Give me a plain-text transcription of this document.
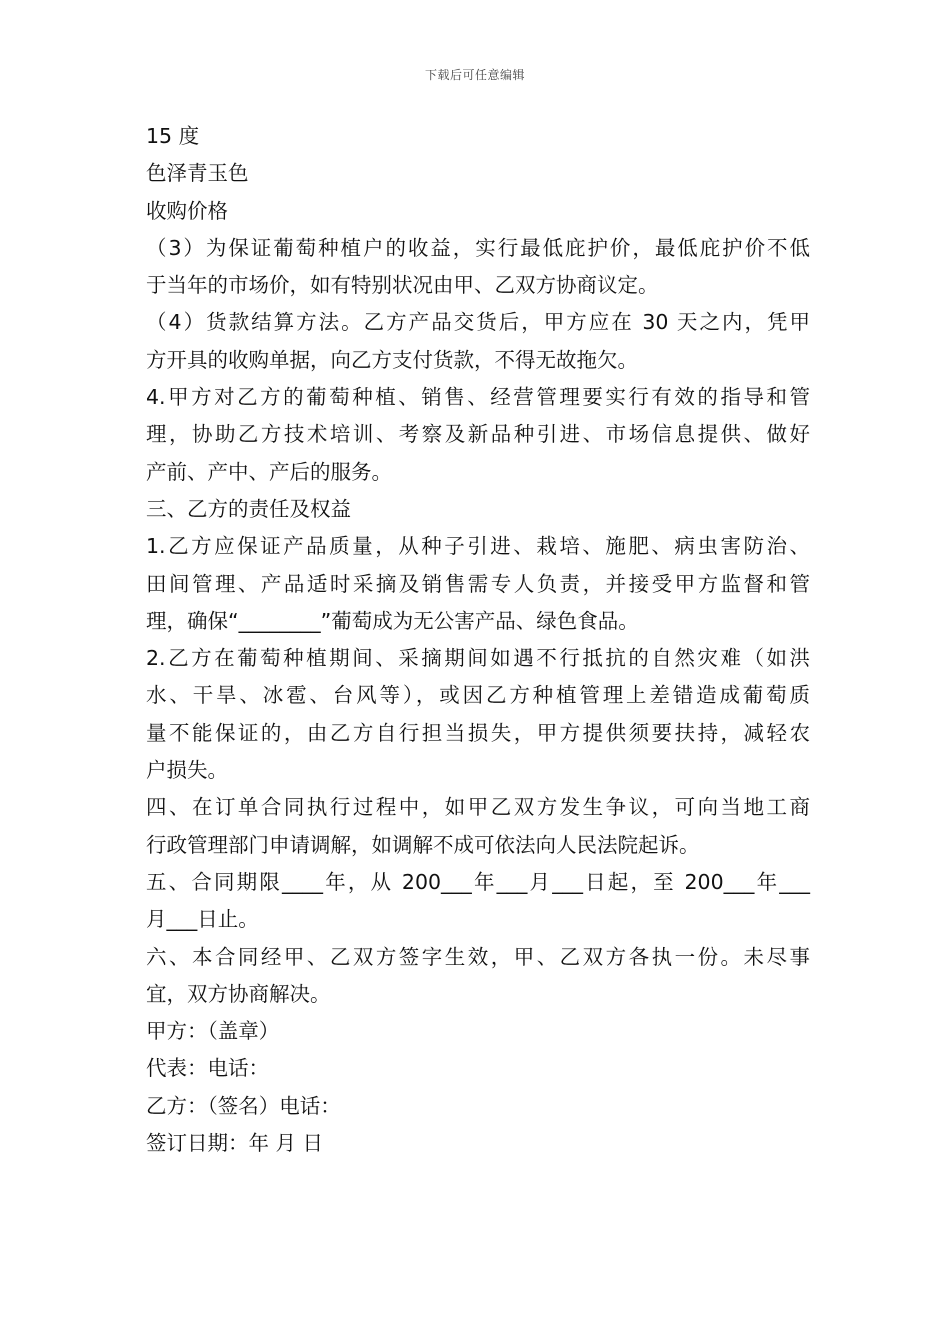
下载后可任意编辑
15 度
色泽青玉色
收购价格
（3）为保证葡萄种植户的收益，实行最低庇护价，最低庇护价不低
于当年的市场价，如有特别状况由甲、乙双方协商议定。
（4）货款结算方法。乙方产品交货后，甲方应在 30 天之内，凭甲
方开具的收购单据，向乙方支付货款，不得无故拖欠。
4.甲方对乙方的葡萄种植、销售、经营管理要实行有效的指导和管
理，协助乙方技术培训、考察及新品种引进、市场信息提供、做好
产前、产中、产后的服务。
三、乙方的责任及权益
1.乙方应保证产品质量，从种子引进、栽培、施肥、病虫害防治、
田间管理、产品适时采摘及销售需专人负责，并接受甲方监督和管
理，确保“________”葡萄成为无公害产品、绿色食品。
2.乙方在葡萄种植期间、采摘期间如遇不行抵抗的自然灾难（如洪
水、干旱、冰雹、台风等），或因乙方种植管理上差错造成葡萄质
量不能保证的，由乙方自行担当损失，甲方提供须要扶持，减轻农
户损失。
四、在订单合同执行过程中，如甲乙双方发生争议，可向当地工商
行政管理部门申请调解，如调解不成可依法向人民法院起诉。
五、合同期限____年，从 200___年___月___日起，至 200___年___
月___日止。
六、本合同经甲、乙双方签字生效，甲、乙双方各执一份。未尽事
宜，双方协商解决。
甲方：（盖章）
代表：电话：
乙方：（签名）电话：
签订日期：年 月 日
